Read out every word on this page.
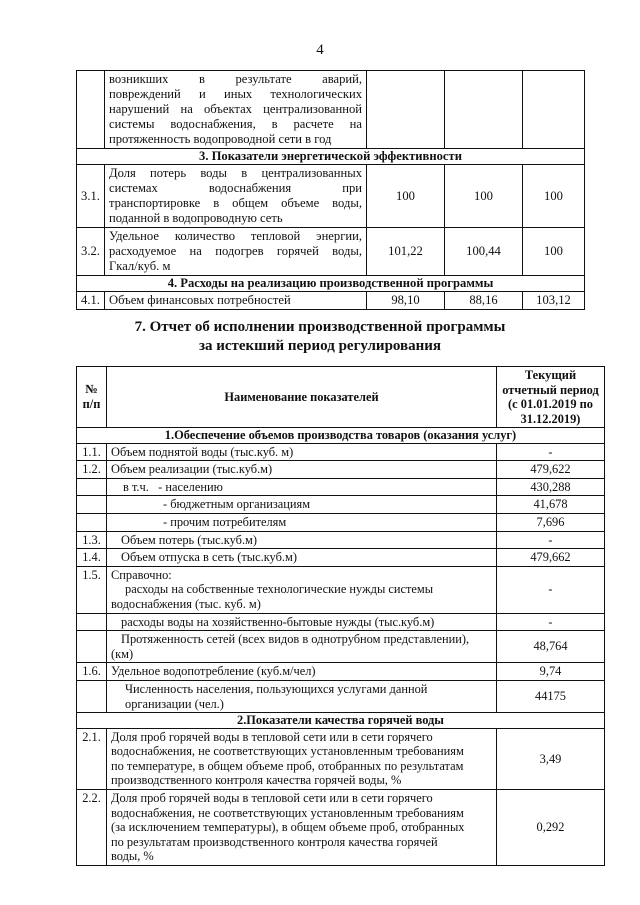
4

	возникших в результате аварий,
повреждений и иных технологических
нарушений на объектах централизованной
системы водоснабжения, в расчете на
протяженность водопроводной сети в год			

3. Показатели энергетической эффективности				
3.1.	Доля потерь воды в централизованных
системах водоснабжения при
транспортировке в общем объеме воды,
поданной в водопроводную сеть	100	100	100
3.2.	Удельное количество тепловой энергии,
расходуемое на подогрев горячей воды,
Гкал/куб. м	101,22	100,44	100
4. Расходы на реализацию производственной программы				
4.1.	Объем финансовых потребностей	98,10	88,16	103,12
7. Отчет об исполнении производственной программы
за истекший период регулирования
№ п/п	Наименование показателей	Текущий отчетный период (с 01.01.2019 по 31.12.2019)
1.Обеспечение объемов производства товаров (оказания услуг)		
1.1.	Объем поднятой воды (тыс.куб. м)	-
1.2.	Объем реализации (тыс.куб.м)	479,622
	в т.ч. - населению	430,288
	- бюджетным организациям	41,678
	- прочим потребителям	7,696
1.3.	Объем потерь (тыс.куб.м)	-
1.4.	Объем отпуска в сеть (тыс.куб.м)	479,662
1.5.	Справочно:
расходы на собственные технологические нужды системы
водоснабжения (тыс. куб. м)	-
	расходы воды на хозяйственно-бытовые нужды (тыс.куб.м)	-

	Протяженность сетей (всех видов в однотрубном представлении),
(км)	48,764
1.6.	Удельное водопотребление (куб.м/чел)	9,74

	Численность населения, пользующихся услугами данной
организации (чел.)	44175
2.Показатели качества горячей воды		
2.1.	Доля проб горячей воды в тепловой сети или в сети горячего
водоснабжения, не соответствующих установленным требованиям
по температуре, в общем объеме проб, отобранных по результатам
производственного контроля качества горячей воды, %	3,49
2.2.	Доля проб горячей воды в тепловой сети или в сети горячего
водоснабжения, не соответствующих установленным требованиям
(за исключением температуры), в общем объеме проб, отобранных
по результатам производственного контроля качества горячей
воды, %	0,292
